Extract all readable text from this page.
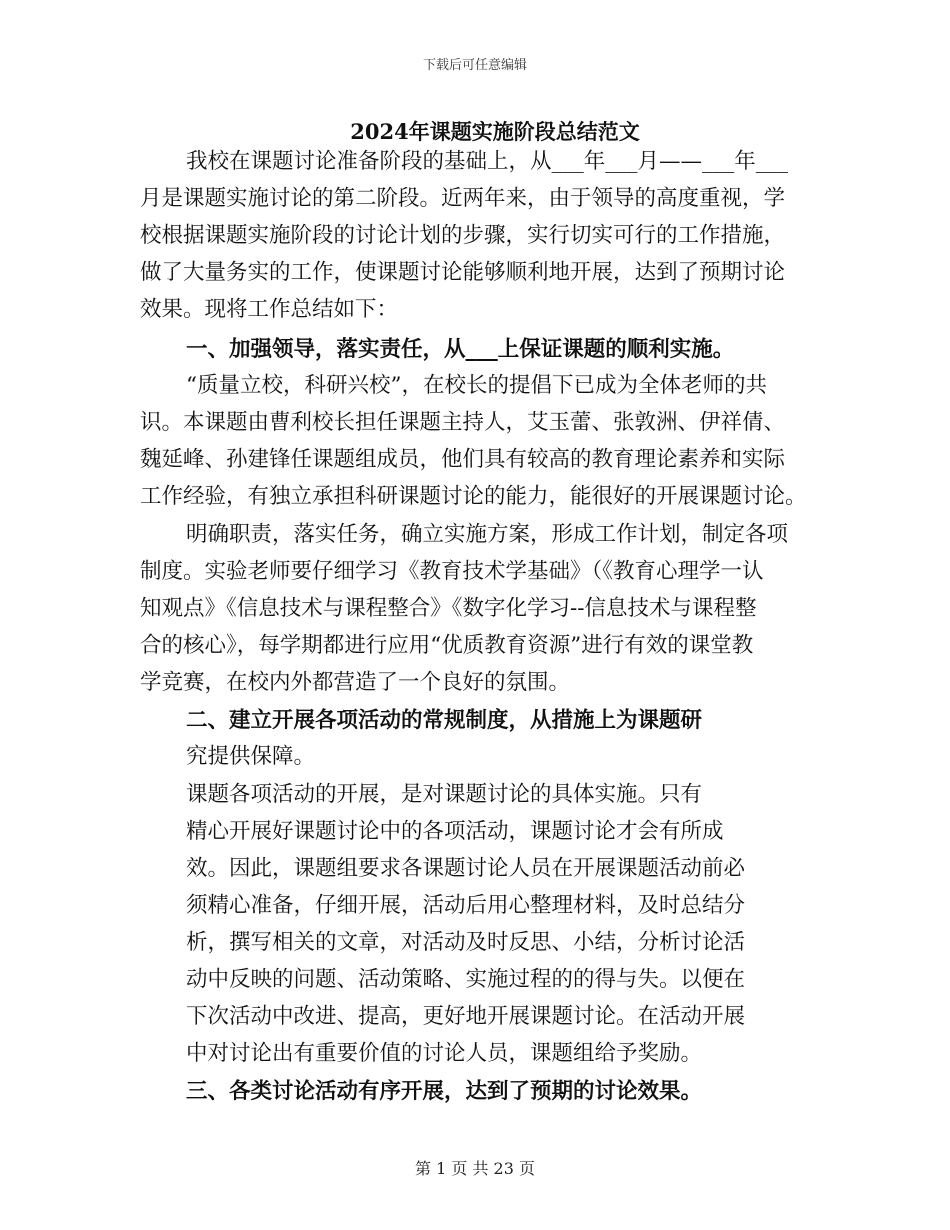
下载后可任意编辑
2024年课题实施阶段总结范文
我校在课题讨论准备阶段的基础上，从___年___月——___年___
月是课题实施讨论的第二阶段。近两年来，由于领导的高度重视，学
校根据课题实施阶段的讨论计划的步骤，实行切实可行的工作措施，
做了大量务实的工作，使课题讨论能够顺利地开展，达到了预期讨论
效果。现将工作总结如下：
一、加强领导，落实责任，从___上保证课题的顺利实施。
“质量立校，科研兴校”，在校长的提倡下已成为全体老师的共
识。本课题由曹利校长担任课题主持人，艾玉蕾、张敦洲、伊祥倩、
魏延峰、孙建锋任课题组成员，他们具有较高的教育理论素养和实际
工作经验，有独立承担科研课题讨论的能力，能很好的开展课题讨论。
明确职责，落实任务，确立实施方案，形成工作计划，制定各项
制度。实验老师要仔细学习《教育技术学基础》（《教育心理学一认
知观点》《信息技术与课程整合》《数字化学习--信息技术与课程整
合的核心》，每学期都进行应用“优质教育资源”进行有效的课堂教
学竞赛，在校内外都营造了一个良好的氛围。
二、建立开展各项活动的常规制度，从措施上为课题研
究提供保障。
课题各项活动的开展，是对课题讨论的具体实施。只有
精心开展好课题讨论中的各项活动，课题讨论才会有所成
效。因此，课题组要求各课题讨论人员在开展课题活动前必
须精心准备，仔细开展，活动后用心整理材料，及时总结分
析，撰写相关的文章，对活动及时反思、小结，分析讨论活
动中反映的问题、活动策略、实施过程的的得与失。以便在
下次活动中改进、提高，更好地开展课题讨论。在活动开展
中对讨论出有重要价值的讨论人员，课题组给予奖励。
三、各类讨论活动有序开展，达到了预期的讨论效果。
第 1 页 共 23 页
